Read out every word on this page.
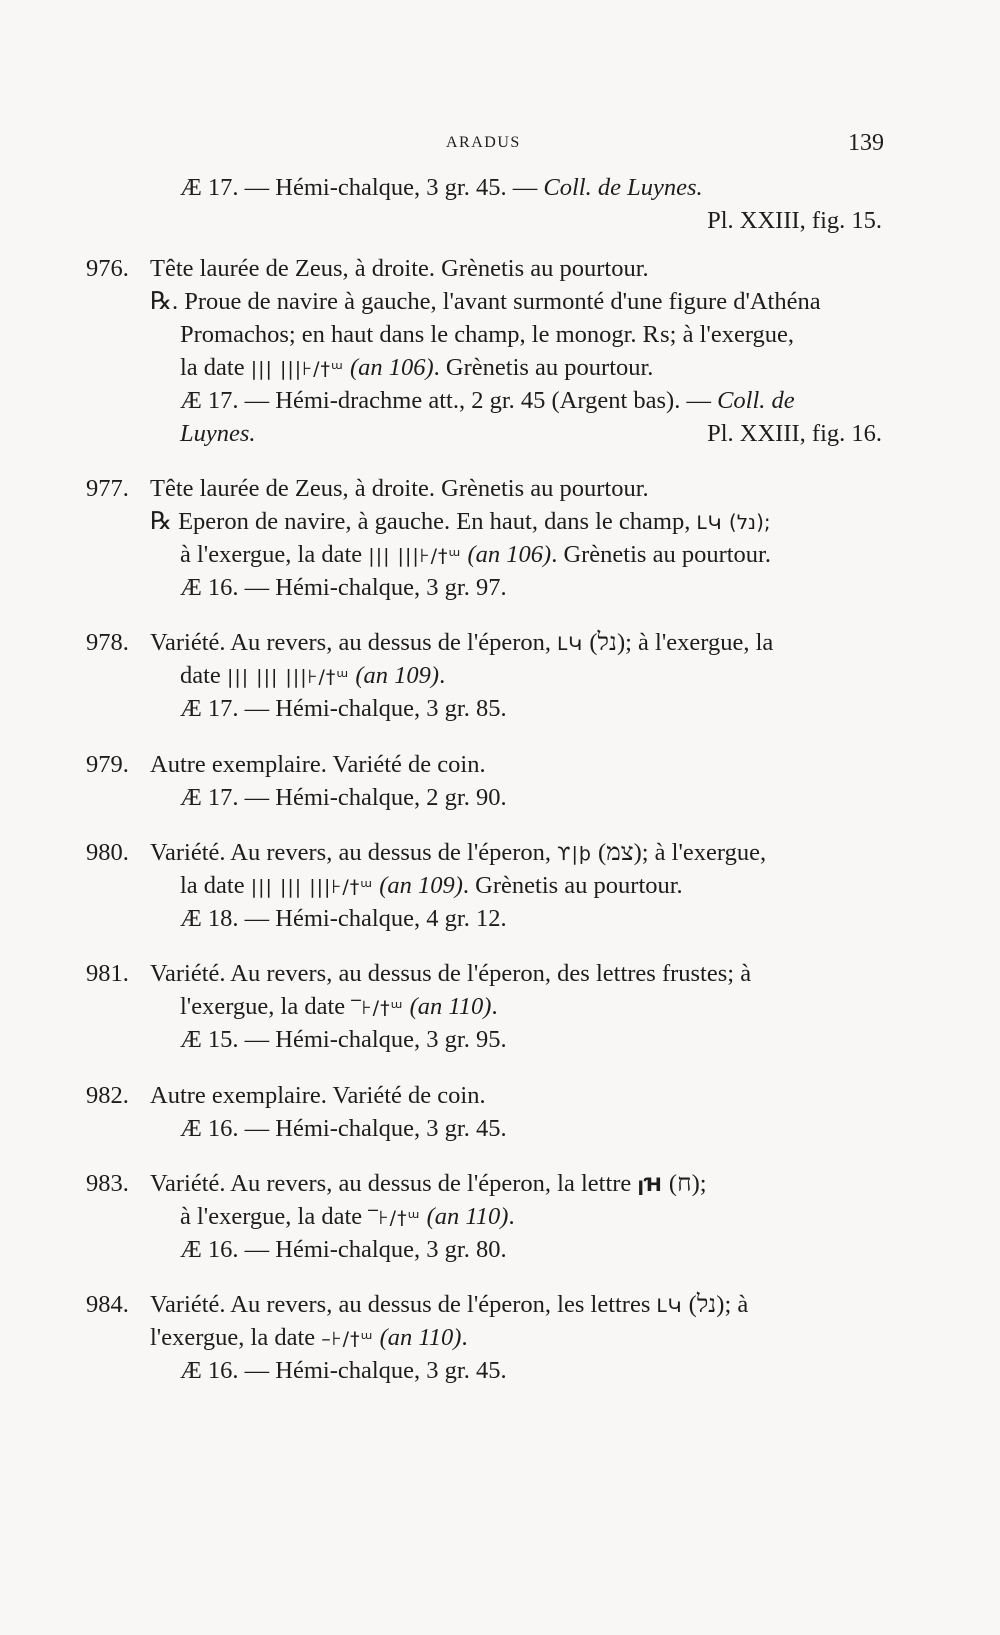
ARADUS	139
Æ 17. — Hémi-chalque, 3 gr. 45. — Coll. de Luynes.
Pl. XXIII, fig. 15.
976. Tête laurée de Zeus, à droite. Grènetis au pourtour.
℞. Proue de navire à gauche, l'avant surmonté d'une figure d'Athéna
Promachos; en haut dans le champ, le monogr. ₨; à l'exergue,
la date ||| |||⊦/†ᵚ (an 106). Grènetis au pourtour.
Æ 17. — Hémi-drachme att., 2 gr. 45 (Argent bas). — Coll. de
Luynes.	Pl. XXIII, fig. 16.
977. Tête laurée de Zeus, à droite. Grènetis au pourtour.
℞ Eperon de navire, à gauche. En haut, dans le champ, ԼԿ (נל);
à l'exergue, la date ||| |||⊦/†ᵚ (an 106). Grènetis au pourtour.
Æ 16. — Hémi-chalque, 3 gr. 97.
978. Variété. Au revers, au dessus de l'éperon, ԼԿ (נל); à l'exergue, la
date ||| ||| |||⊦/†ᵚ (an 109).
Æ 17. — Hémi-chalque, 3 gr. 85.
979. Autre exemplaire. Variété de coin.
Æ 17. — Hémi-chalque, 2 gr. 90.
980. Variété. Au revers, au dessus de l'éperon, ϒ|ϸ (צמ); à l'exergue,
la date ||| ||| |||⊦/†ᵚ (an 109). Grènetis au pourtour.
Æ 18. — Hémi-chalque, 4 gr. 12.
981. Variété. Au revers, au dessus de l'éperon, des lettres frustes; à
l'exergue, la date ‾⊦/†ᵚ (an 110).
Æ 15. — Hémi-chalque, 3 gr. 95.
982. Autre exemplaire. Variété de coin.
Æ 16. — Hémi-chalque, 3 gr. 45.
983. Variété. Au revers, au dessus de l'éperon, la lettre ꞁꞪ (ח);
à l'exergue, la date ‾⊦/†ᵚ (an 110).
Æ 16. — Hémi-chalque, 3 gr. 80.
984. Variété. Au revers, au dessus de l'éperon, les lettres ԼԿ (נל); à
l'exergue, la date –⊦/†ᵚ (an 110).
Æ 16. — Hémi-chalque, 3 gr. 45.
